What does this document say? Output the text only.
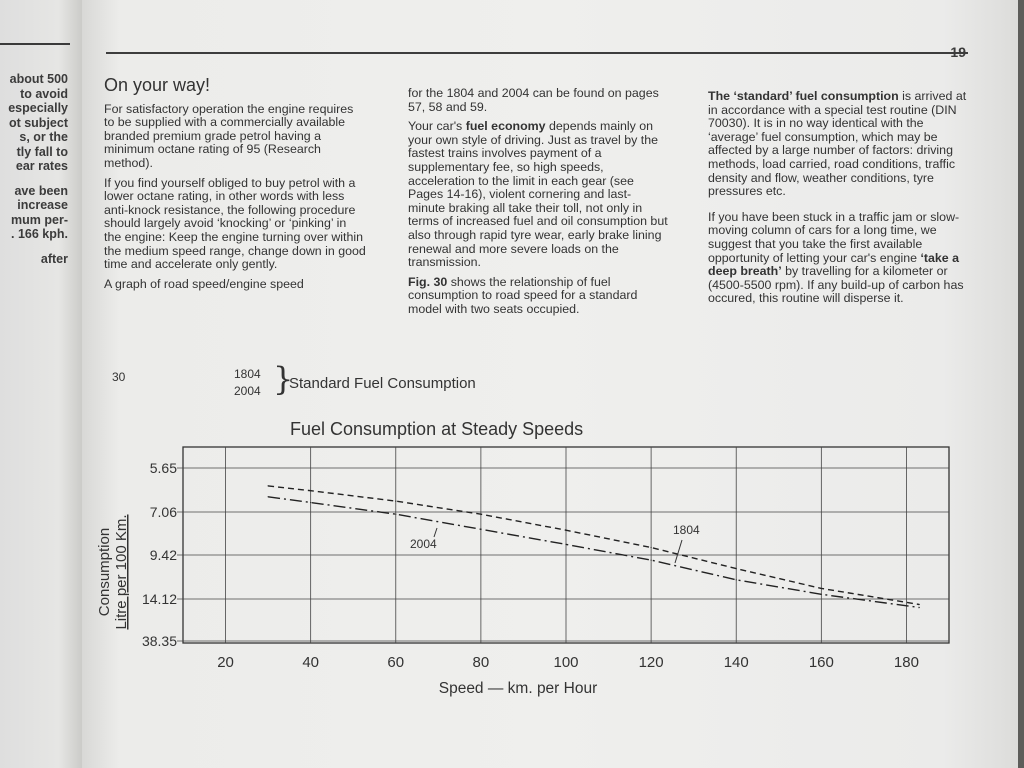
about 500
to avoid
especially
ot subject
s, or the
tly fall to
ear rates
ave been
increase
mum per-
. 166 kph.
after
19
On your way!

For satisfactory operation the engine requires to be supplied with a commercially available branded premium grade petrol having a minimum octane rating of 95 (Research method).

If you find yourself obliged to buy petrol with a lower octane rating, in other words with less anti-knock resistance, the following procedure should largely avoid ‘knocking’ or ‘pinking’ in the engine: Keep the engine turning over within the medium speed range, change down in good time and accelerate only gently.

A graph of road speed/engine speed

for the 1804 and 2004 can be found on pages 57, 58 and 59.

Your car's fuel economy depends mainly on your own style of driving. Just as travel by the fastest trains involves payment of a supplementary fee, so high speeds, acceleration to the limit in each gear (see Pages 14-16), violent cornering and last-minute braking all take their toll, not only in terms of increased fuel and oil consumption but also through rapid tyre wear, early brake lining renewal and more severe loads on the transmission.

Fig. 30 shows the relationship of fuel consumption to road speed for a standard model with two seats occupied.

The ‘standard’ fuel consumption is arrived at in accordance with a special test routine (DIN 70030). It is in no way identical with the ‘average’ fuel consumption, which may be affected by a large number of factors: driving methods, load carried, road conditions, traffic density and flow, weather conditions, tyre pressures etc.

If you have been stuck in a traffic jam or slow-moving column of cars for a long time, we suggest that you take the first available opportunity of letting your car's engine ‘take a deep breath’ by travelling for a kilometer or (4500-5500 rpm). If any build-up of carbon has occured, this routine will disperse it.

30	1804
2004 }
Standard Fuel Consumption
Fuel Consumption at Steady Speeds
20	40	60	80	100	120	140	160	180
5.65
7.06
9.42
14.12
38.35
Speed — km. per Hour
Consumption Litre per 100 Km.	1804
2004
